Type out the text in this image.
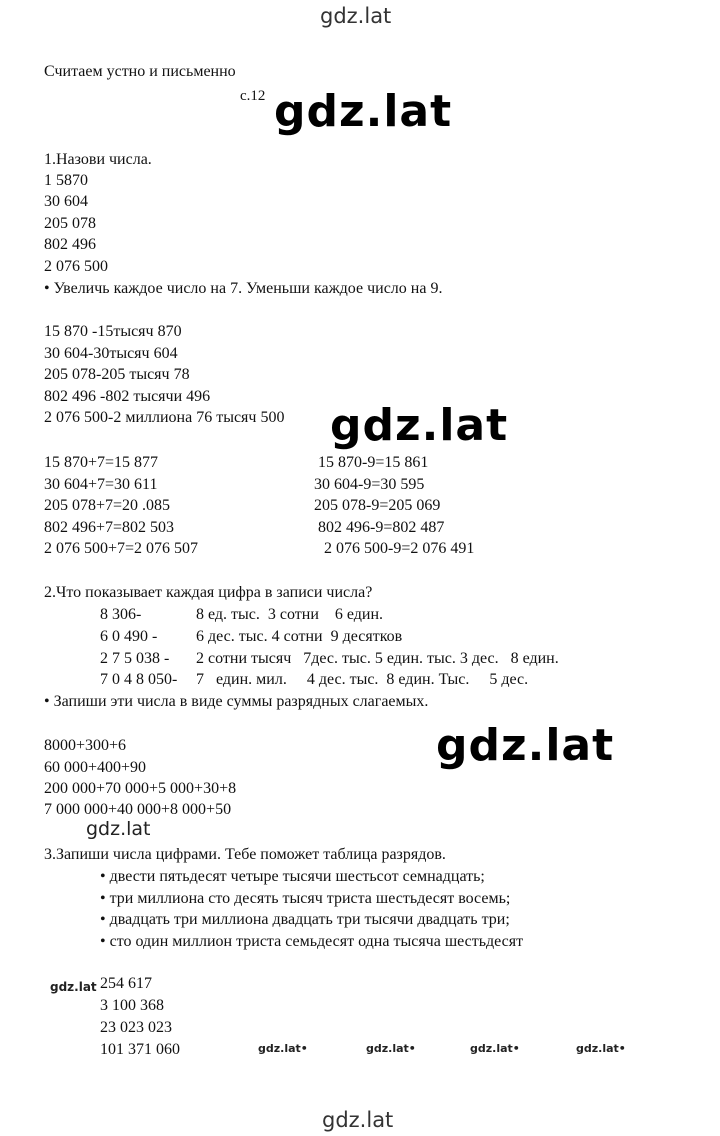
gdz.lat
gdz.lat
gdz.lat
gdz.lat
gdz.lat
gdz.lat
gdz.lat•	gdz.lat•	gdz.lat•	gdz.lat•
gdz.lat
Считаем устно и письменно
с.12
1.Назови числа.
1 5870
30 604
205 078
802 496
2 076 500
• Увеличь каждое число на 7. Уменьши каждое число на 9.
15 870 -15тысяч 870
30 604-30тысяч 604
205 078-205 тысяч 78
802 496 -802 тысячи 496
2 076 500-2 миллиона 76 тысяч 500
15 870+7=15 877
30 604+7=30 611
205 078+7=20 .085
802 496+7=802 503
2 076 500+7=2 076 507
15 870-9=15 861
30 604-9=30 595
205 078-9=205 069
802 496-9=802 487
2 076 500-9=2 076 491
2.Что показывает каждая цифра в записи числа?
8 306-	8 ед. тыс.  3 сотни    6 един.
6 0 490 - 6 дес. тыс. 4 сотни  9 десятков
2 7 5 038 - 2 сотни тысяч   7дес. тыс. 5 един. тыс. 3 дес.   8 един.
7 0 4 8 050- 7   един. мил.     4 дес. тыс.  8 един. Тыс.     5 дес.
• Запиши эти числа в виде суммы разрядных слагаемых.
8000+300+6
60 000+400+90
200 000+70 000+5 000+30+8
7 000 000+40 000+8 000+50
3.Запиши числа цифрами. Тебе поможет таблица разрядов.
• двести пятьдесят четыре тысячи шестьсот семнадцать;
• три миллиона сто десять тысяч триста шестьдесят восемь;
• двадцать три миллиона двадцать три тысячи двадцать три;
• сто один миллион триста семьдесят одна тысяча шестьдесят
254 617
3 100 368
23 023 023
101 371 060
